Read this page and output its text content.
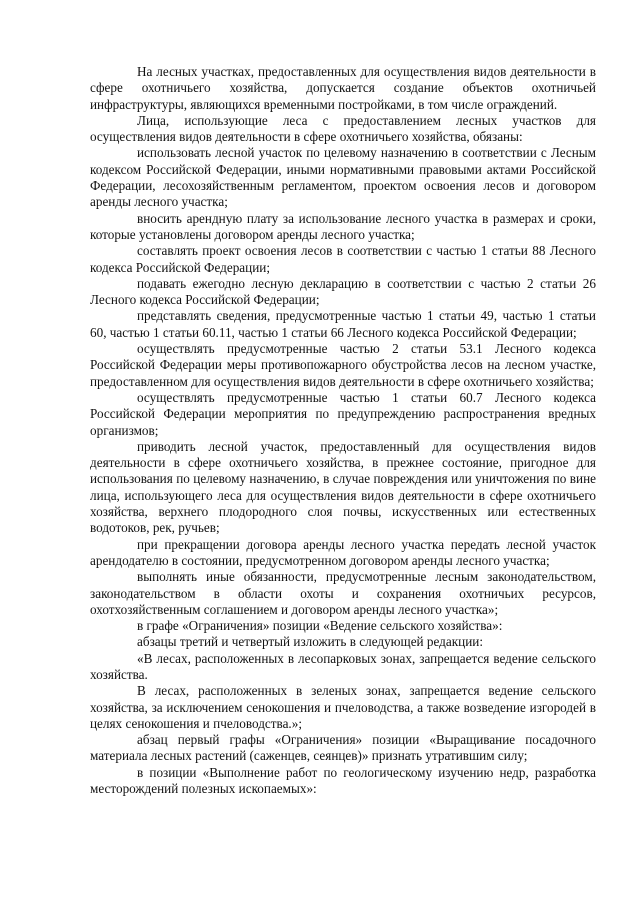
На лесных участках, предоставленных для осуществления видов деятельности в сфере охотничьего хозяйства, допускается создание объектов охотничьей инфраструктуры, являющихся временными постройками, в том числе ограждений.

Лица, использующие леса с предоставлением лесных участков для осуществления видов деятельности в сфере охотничьего хозяйства, обязаны:

использовать лесной участок по целевому назначению в соответствии с Лесным кодексом Российской Федерации, иными нормативными правовыми актами Российской Федерации, лесохозяйственным регламентом, проектом освоения лесов и договором аренды лесного участка;

вносить арендную плату за использование лесного участка в размерах и сроки, которые установлены договором аренды лесного участка;

составлять проект освоения лесов в соответствии с частью 1 статьи 88 Лесного кодекса Российской Федерации;

подавать ежегодно лесную декларацию в соответствии с частью 2 статьи 26 Лесного кодекса Российской Федерации;

представлять сведения, предусмотренные частью 1 статьи 49, частью 1 статьи 60, частью 1 статьи 60.11, частью 1 статьи 66 Лесного кодекса Российской Федерации;

осуществлять предусмотренные частью 2 статьи 53.1 Лесного кодекса Российской Федерации меры противопожарного обустройства лесов на лесном участке, предоставленном для осуществления видов деятельности в сфере охотничьего хозяйства;

осуществлять предусмотренные частью 1 статьи 60.7 Лесного кодекса Российской Федерации мероприятия по предупреждению распространения вредных организмов;

приводить лесной участок, предоставленный для осуществления видов деятельности в сфере охотничьего хозяйства, в прежнее состояние, пригодное для использования по целевому назначению, в случае повреждения или уничтожения по вине лица, использующего леса для осуществления видов деятельности в сфере охотничьего хозяйства, верхнего плодородного слоя почвы, искусственных или естественных водотоков, рек, ручьев;

при прекращении договора аренды лесного участка передать лесной участок арендодателю в состоянии, предусмотренном договором аренды лесного участка;

выполнять иные обязанности, предусмотренные лесным законодательством, законодательством в области охоты и сохранения охотничьих ресурсов, охотхозяйственным соглашением и договором аренды лесного участка»;

в графе «Ограничения» позиции «Ведение сельского хозяйства»:

абзацы третий и четвертый изложить в следующей редакции:

«В лесах, расположенных в лесопарковых зонах, запрещается ведение сельского хозяйства.

В лесах, расположенных в зеленых зонах, запрещается ведение сельского хозяйства, за исключением сенокошения и пчеловодства, а также возведение изгородей в целях сенокошения и пчеловодства.»;

абзац первый графы «Ограничения» позиции «Выращивание посадочного материала лесных растений (саженцев, сеянцев)» признать утратившим силу;

в позиции «Выполнение работ по геологическому изучению недр, разработка месторождений полезных ископаемых»:
